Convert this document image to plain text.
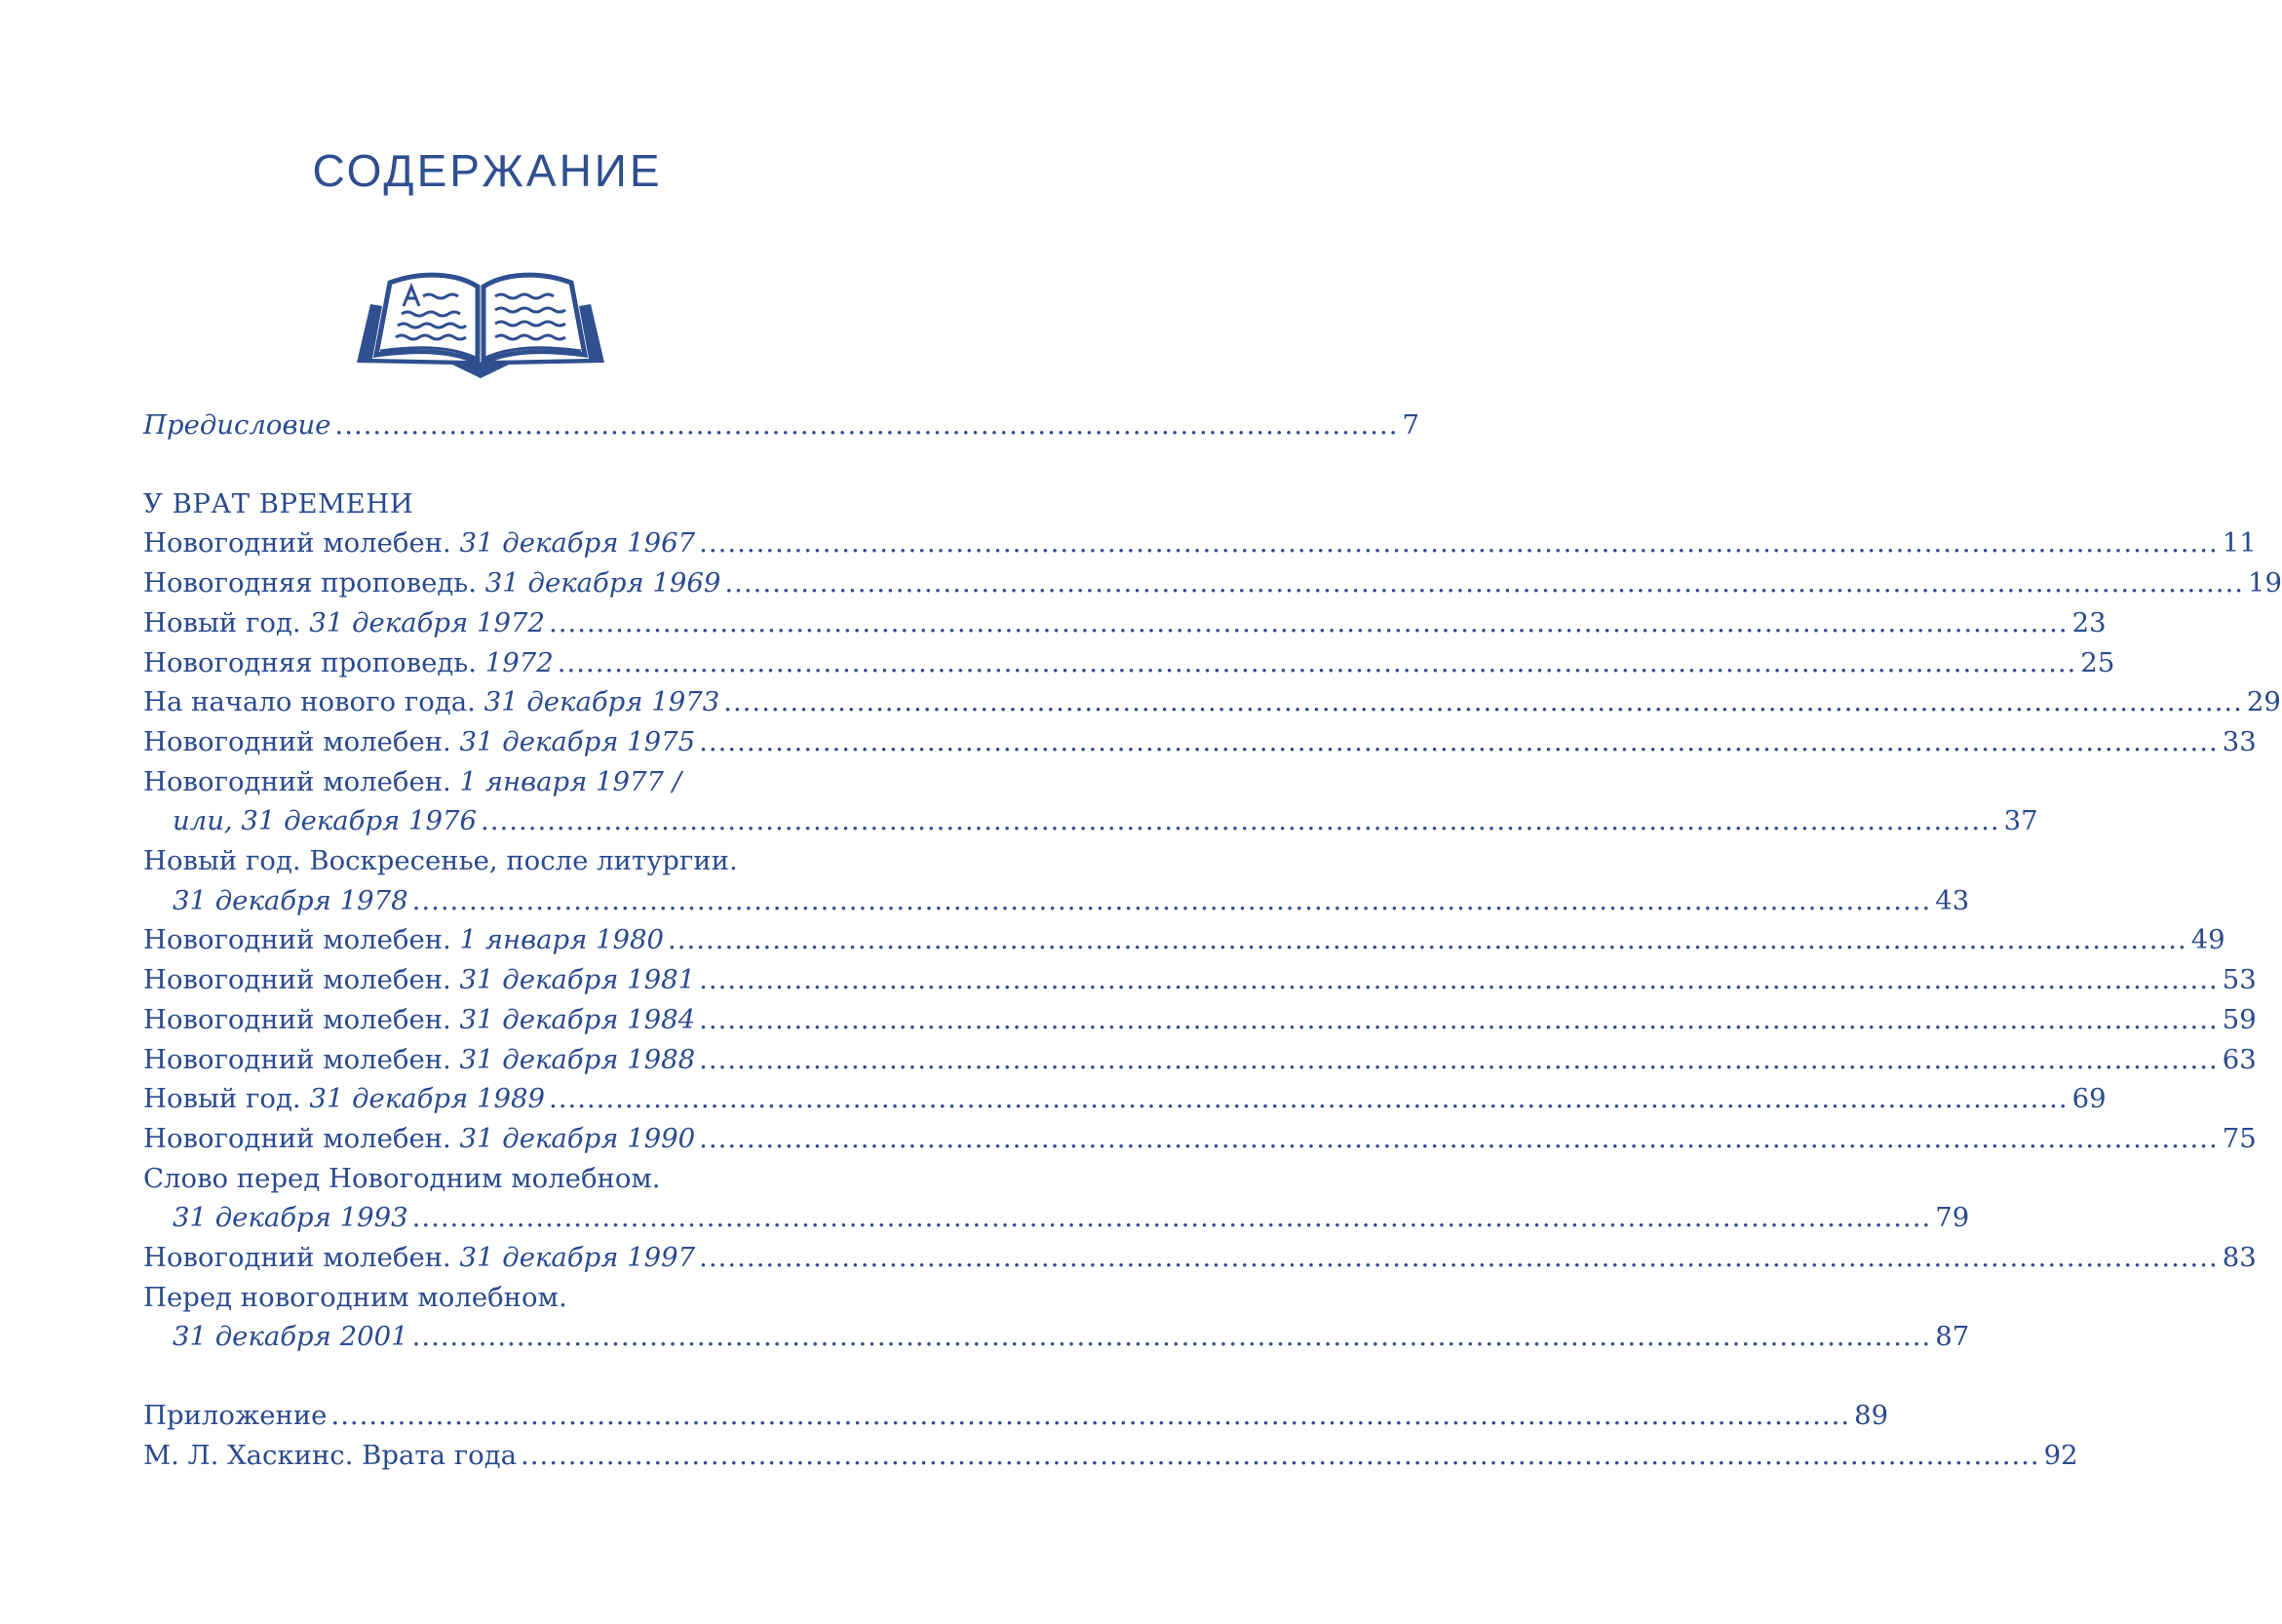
СОДЕРЖАНИЕ
Предисловие ................................................................................................................ 7
У ВРАТ ВРЕМЕНИ
Новогодний молебен. 31 декабря 1967 ................................................................................................................................................................ 11
Новогодняя проповедь. 31 декабря 1969 ................................................................................................................................................................ 19
Новый год. 31 декабря 1972 ................................................................................................................................................................ 23
Новогодняя проповедь. 1972 ................................................................................................................................................................ 25
На начало нового года. 31 декабря 1973 ................................................................................................................................................................ 29
Новогодний молебен. 31 декабря 1975 ................................................................................................................................................................ 33
Новогодний молебен. 1 января 1977 /
или, 31 декабря 1976 ................................................................................................................................................................ 37
Новый год. Воскресенье, после литургии.
31 декабря 1978 ................................................................................................................................................................ 43
Новогодний молебен. 1 января 1980 ................................................................................................................................................................ 49
Новогодний молебен. 31 декабря 1981 ................................................................................................................................................................ 53
Новогодний молебен. 31 декабря 1984 ................................................................................................................................................................ 59
Новогодний молебен. 31 декабря 1988 ................................................................................................................................................................ 63
Новый год. 31 декабря 1989 ................................................................................................................................................................ 69
Новогодний молебен. 31 декабря 1990 ................................................................................................................................................................ 75
Слово перед Новогодним молебном.
31 декабря 1993 ................................................................................................................................................................ 79
Новогодний молебен. 31 декабря 1997 ................................................................................................................................................................ 83
Перед новогодним молебном.
31 декабря 2001 ................................................................................................................................................................ 87
Приложение ................................................................................................................................................................ 89
М. Л. Хаскинс. Врата года ................................................................................................................................................................ 92
